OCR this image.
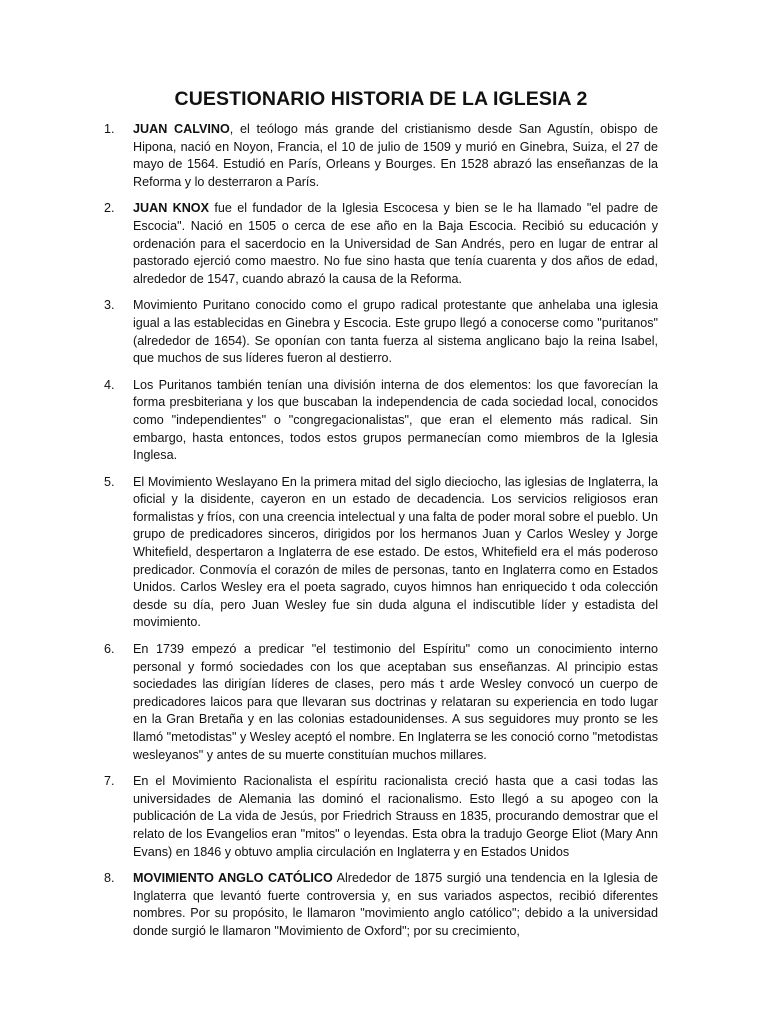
CUESTIONARIO HISTORIA DE LA IGLESIA 2
1.	JUAN CALVINO, el teólogo más grande del cristianismo desde San Agustín, obispo de Hipona, nació en Noyon, Francia, el 10 de julio de 1509 y murió en Ginebra, Suiza, el 27 de mayo de 1564. Estudió en París, Orleans y Bourges. En 1528 abrazó las enseñanzas de la Reforma y lo desterraron a París.
2.	JUAN KNOX fue el fundador de la Iglesia Escocesa y bien se le ha llamado "el padre de Escocia". Nació en 1505 o cerca de ese año en la Baja Escocia. Recibió su educación y ordenación para el sacerdocio en la Universidad de San Andrés, pero en lugar de entrar al pastorado ejerció como maestro. No fue sino hasta que tenía cuarenta y dos años de edad, alrededor de 1547, cuando abrazó la causa de la Reforma.
3.	Movimiento Puritano conocido como el grupo radical protestante que anhelaba una iglesia igual a las establecidas en Ginebra y Escocia. Este grupo llegó a conocerse como "puritanos" (alrededor de 1654). Se oponían con tanta fuerza al sistema anglicano bajo la reina Isabel, que muchos de sus líderes fueron al destierro.
4.	Los Puritanos también tenían una división interna de dos elementos: los que favorecían la forma presbiteriana y los que buscaban la independencia de cada sociedad local, conocidos como "independientes" o "congregacionalistas", que eran el elemento más radical. Sin embargo, hasta entonces, todos estos grupos permanecían como miembros de la Iglesia Inglesa.
5.	El Movimiento Weslayano En la primera mitad del siglo dieciocho, las iglesias de Inglaterra, la oficial y la disidente, cayeron en un estado de decadencia. Los servicios religiosos eran formalistas y fríos, con una creencia intelectual y una falta de poder moral sobre el pueblo. Un grupo de predicadores sinceros, dirigidos por los hermanos Juan y Carlos Wesley y Jorge Whitefield, despertaron a Inglaterra de ese estado. De estos, Whitefield era el más poderoso predicador. Conmovía el corazón de miles de personas, tanto en Inglaterra como en Estados Unidos. Carlos Wesley era el poeta sagrado, cuyos himnos han enriquecido t oda colección desde su día, pero Juan Wesley fue sin duda alguna el indiscutible líder y estadista del movimiento.
6.	En 1739 empezó a predicar "el testimonio del Espíritu" como un conocimiento interno personal y formó sociedades con los que aceptaban sus enseñanzas. Al principio estas sociedades las dirigían líderes de clases, pero más t arde Wesley convocó un cuerpo de predicadores laicos para que llevaran sus doctrinas y relataran su experiencia en todo lugar en la Gran Bretaña y en las colonias estadounidenses. A sus seguidores muy pronto se les llamó "metodistas" y Wesley aceptó el nombre. En Inglaterra se les conoció corno "metodistas wesleyanos" y antes de su muerte constituían muchos millares.
7.	En el Movimiento Racionalista el espíritu racionalista creció hasta que a casi todas las universidades de Alemania las dominó el racionalismo. Esto llegó a su apogeo con la publicación de La vida de Jesús, por Friedrich Strauss en 1835, procurando demostrar que el relato de los Evangelios eran "mitos" o leyendas. Esta obra la tradujo George Eliot (Mary Ann Evans) en 1846 y obtuvo amplia circulación en Inglaterra y en Estados Unidos
8.	MOVIMIENTO ANGLO CATÓLICO Alrededor de 1875 surgió una tendencia en la Iglesia de Inglaterra que levantó fuerte controversia y, en sus variados aspectos, recibió diferentes nombres. Por su propósito, le llamaron "movimiento anglo católico"; debido a la universidad donde surgió le llamaron "Movimiento de Oxford"; por su crecimiento,
